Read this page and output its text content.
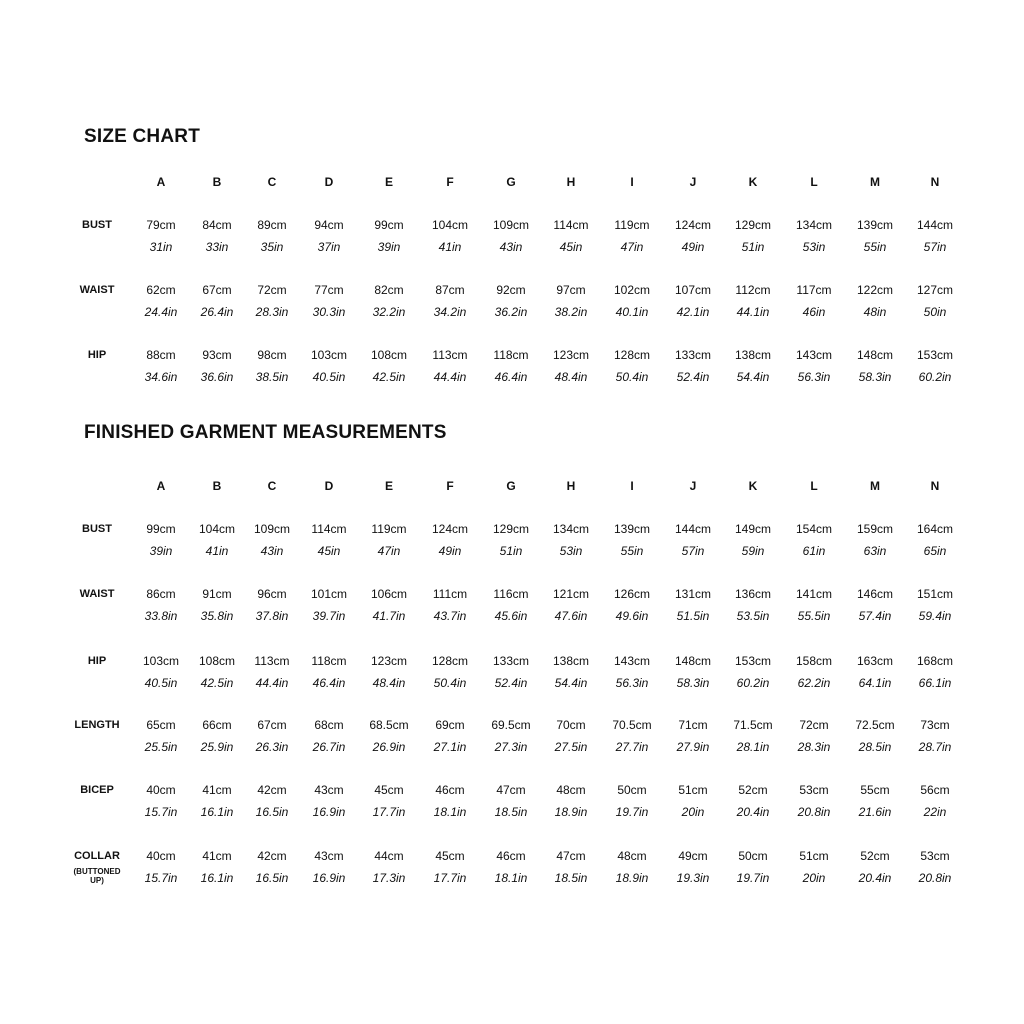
SIZE CHART
A	B	C	D	E	F	G	H	I	J	K	L	M	N
BUST	79cm 84cm 89cm 94cm	99cm 104cm 109cm 114cm 119cm 124cm 129cm 134cm 139cm 144cm
31in	33in	35in	37in	39in	41in	43in	45in	47in	49in	51in	53in	55in	57in
WAIST	62cm 67cm 72cm 77cm	82cm	87cm	92cm	97cm 102cm 107cm 112cm 117cm 122cm 127cm
24.4in 26.4in 28.3in 30.3in 32.2in 34.2in 36.2in 38.2in 40.1in 42.1in 44.1in	46in	48in	50in
HIP	88cm 93cm 98cm 103cm 108cm 113cm 118cm 123cm 128cm 133cm 138cm 143cm 148cm 153cm
34.6in 36.6in 38.5in 40.5in 42.5in 44.4in 46.4in 48.4in 50.4in 52.4in 54.4in 56.3in 58.3in 60.2in
FINISHED GARMENT MEASUREMENTS
A	B	C	D	E	F	G	H	I	J	K	L	M	N
BUST	99cm 104cm 109cm 114cm 119cm 124cm 129cm 134cm 139cm 144cm 149cm 154cm 159cm 164cm
39in	41in	43in	45in	47in	49in	51in	53in	55in	57in	59in	61in	63in	65in
WAIST	86cm 91cm 96cm 101cm 106cm 111cm 116cm 121cm 126cm 131cm 136cm 141cm 146cm 151cm
33.8in 35.8in 37.8in 39.7in 41.7in 43.7in 45.6in 47.6in 49.6in 51.5in 53.5in 55.5in 57.4in 59.4in
HIP	103cm 108cm 113cm 118cm 123cm 128cm 133cm 138cm 143cm 148cm 153cm 158cm 163cm 168cm
40.5in 42.5in 44.4in 46.4in 48.4in 50.4in 52.4in 54.4in 56.3in 58.3in 60.2in 62.2in 64.1in 66.1in
LENGTH 65cm 66cm 67cm 68cm 68.5cm 69cm 69.5cm 70cm 70.5cm 71cm 71.5cm 72cm 72.5cm 73cm
25.5in 25.9in 26.3in 26.7in 26.9in 27.1in 27.3in 27.5in 27.7in 27.9in 28.1in 28.3in 28.5in 28.7in
BICEP	40cm 41cm 42cm 43cm	45cm	46cm	47cm	48cm	50cm	51cm	52cm	53cm	55cm	56cm
15.7in 16.1in 16.5in 16.9in 17.7in 18.1in 18.5in 18.9in 19.7in	20in	20.4in 20.8in 21.6in	22in
COLLAR
(BUTTONED UP)
40cm 41cm 42cm 43cm	44cm	45cm	46cm	47cm	48cm	49cm	50cm	51cm	52cm	53cm
15.7in 16.1in 16.5in 16.9in 17.3in 17.7in 18.1in 18.5in 18.9in 19.3in 19.7in	20in	20.4in 20.8in
